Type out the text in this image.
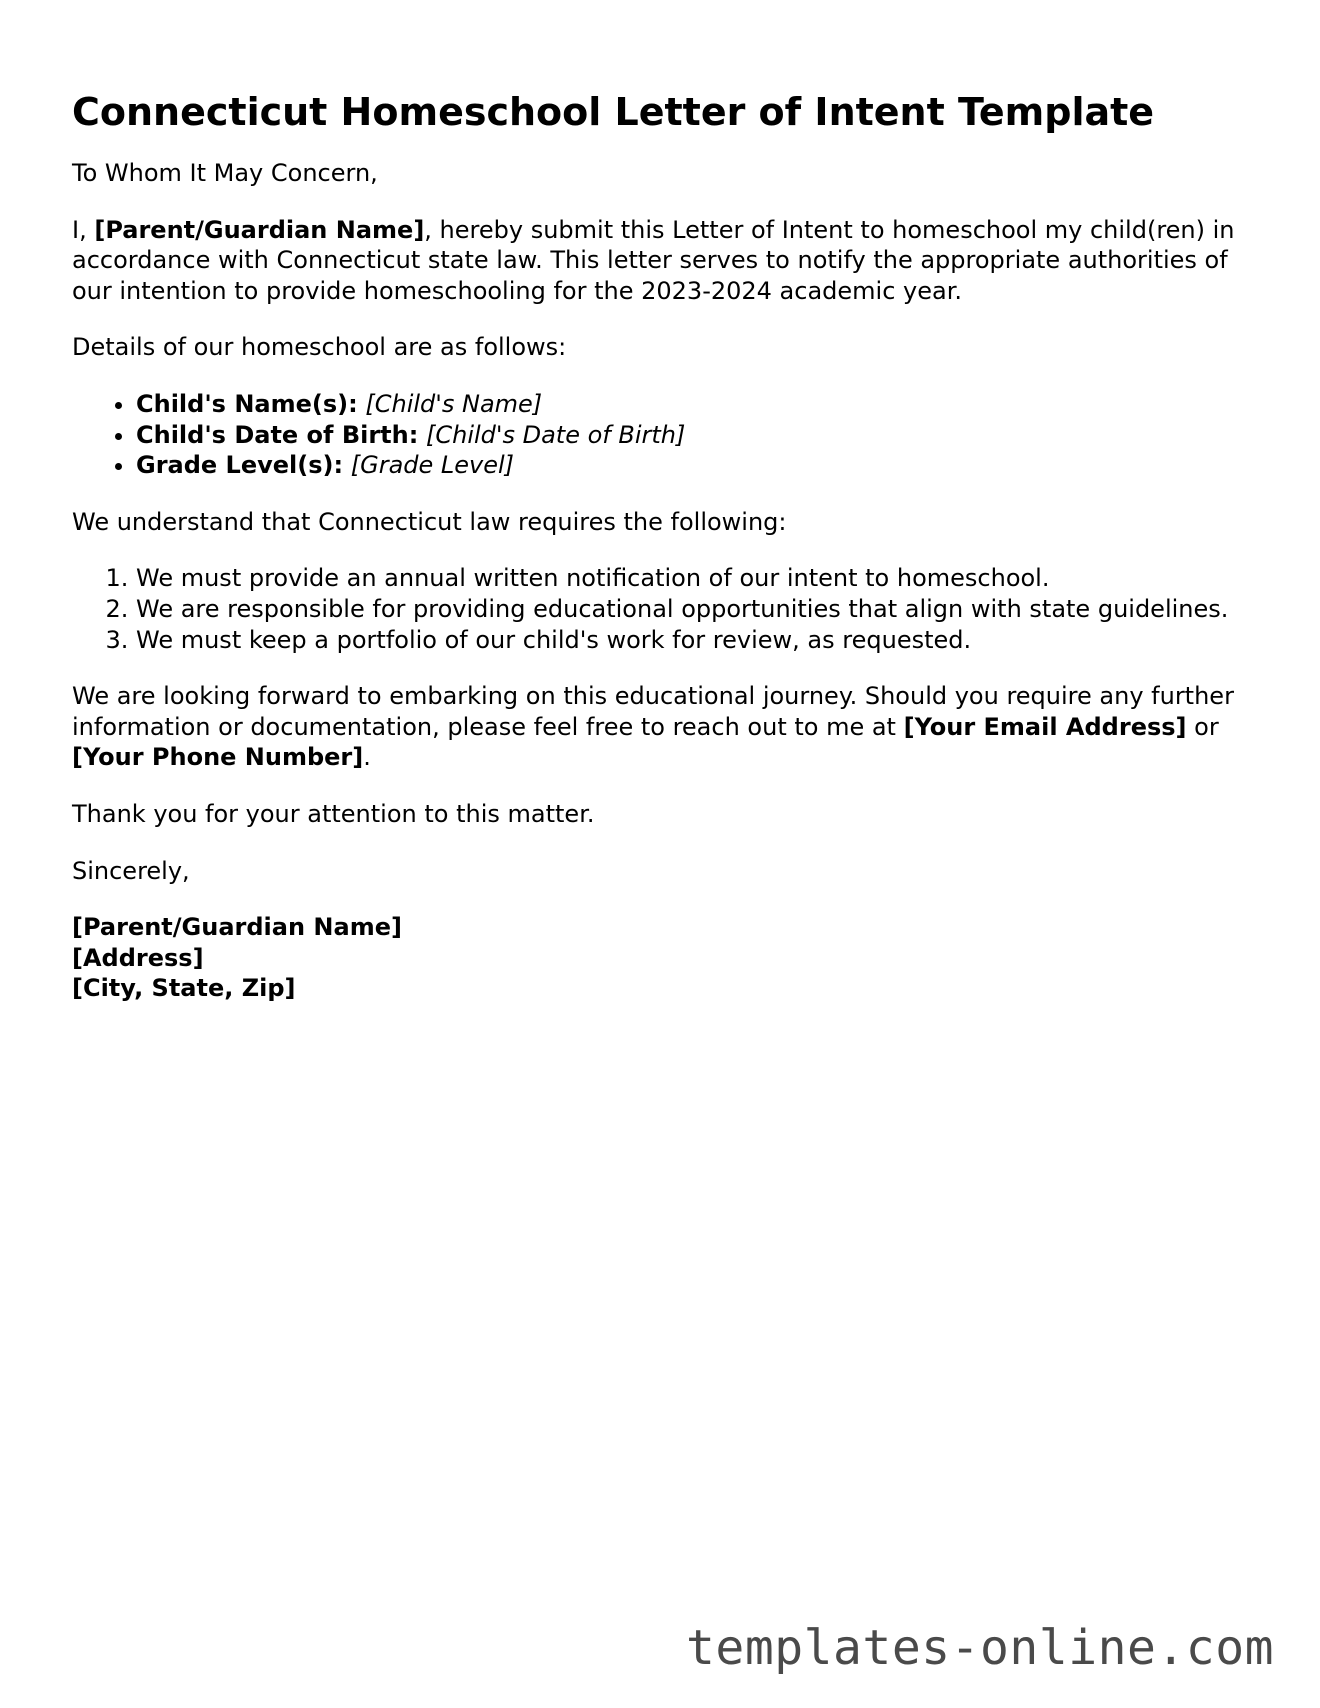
Connecticut Homeschool Letter of Intent Template

To Whom It May Concern,

I, [Parent/Guardian Name], hereby submit this Letter of Intent to homeschool my child(ren) in accordance with Connecticut state law. This letter serves to notify the appropriate authorities of our intention to provide homeschooling for the 2023-2024 academic year.

Details of our homeschool are as follows:

• Child's Name(s): [Child's Name]
• Child's Date of Birth: [Child's Date of Birth]
• Grade Level(s): [Grade Level]

We understand that Connecticut law requires the following:

1. We must provide an annual written notification of our intent to homeschool.
2. We are responsible for providing educational opportunities that align with state guidelines.
3. We must keep a portfolio of our child's work for review, as requested.

We are looking forward to embarking on this educational journey. Should you require any further information or documentation, please feel free to reach out to me at [Your Email Address] or [Your Phone Number].

Thank you for your attention to this matter.

Sincerely,

[Parent/Guardian Name]
[Address]
[City, State, Zip]
templates-online.com
